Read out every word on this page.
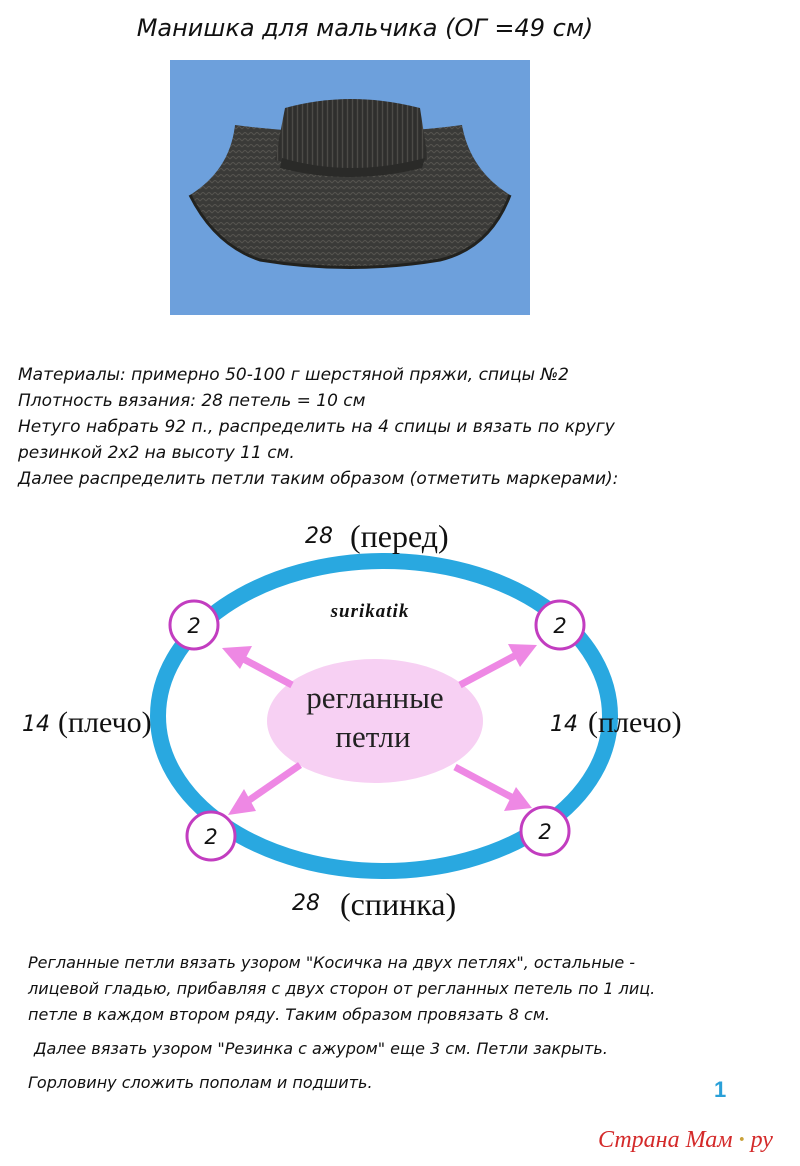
Манишка для мальчика (ОГ =49 см)
Материалы: примерно 50-100 г шерстяной пряжи, спицы №2
Плотность вязания: 28 петель = 10 см
Нетуго набрать 92 п., распределить на 4 спицы и вязать по кругу
резинкой 2х2 на высоту 11 см.
Далее распределить петли таким образом (отметить маркерами):
2	2
2	2
28 (перед)
28 (спинка)
14 (плечо)	14 (плечо)
регланные
петли
surikatik
Регланные петли вязать узором "Косичка на двух петлях", остальные -
лицевой гладью, прибавляя с двух сторон от регланных петель по 1 лиц.
петле в каждом втором ряду. Таким образом провязать 8 см.
Далее вязать узором "Резинка с ажуром" еще 3 см. Петли закрыть.
Горловину сложить пополам и подшить.	1
Страна Мам · ру
